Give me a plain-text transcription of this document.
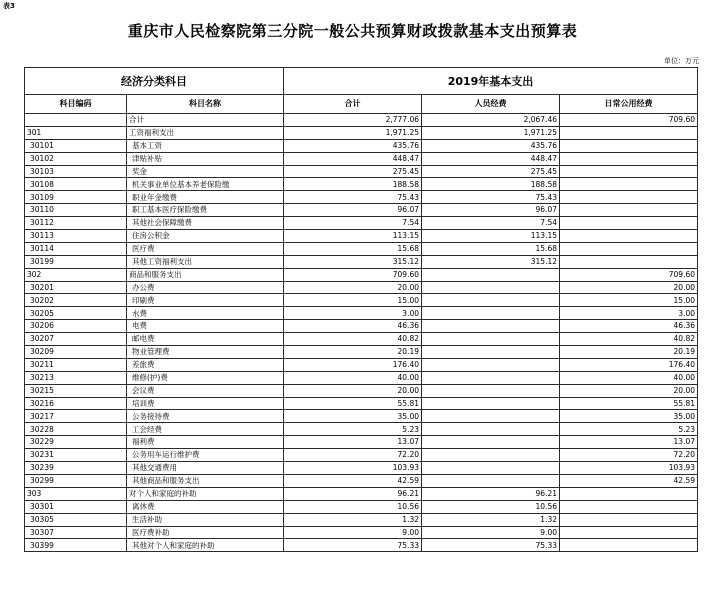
表3
重庆市人民检察院第三分院一般公共预算财政拨款基本支出预算表
单位：万元
经济分类科目		2019年基本支出		
科目编码	科目名称	合计	人员经费	日常公用经费
	合计	2,777.06	2,067.46	709.60
301	工资福利支出	1,971.25	1,971.25	
30101	基本工资	435.76	435.76	
30102	津贴补贴	448.47	448.47	
30103	奖金	275.45	275.45	
30108	机关事业单位基本养老保险缴	188.58	188.58	
30109	职业年金缴费	75.43	75.43	
30110	职工基本医疗保险缴费	96.07	96.07	
30112	其他社会保障缴费	7.54	7.54	
30113	住房公积金	113.15	113.15	
30114	医疗费	15.68	15.68	
30199	其他工资福利支出	315.12	315.12	
302	商品和服务支出	709.60		709.60
30201	办公费	20.00		20.00
30202	印刷费	15.00		15.00
30205	水费	3.00		3.00
30206	电费	46.36		46.36
30207	邮电费	40.82		40.82
30209	物业管理费	20.19		20.19
30211	差旅费	176.40		176.40
30213	维修(护)费	40.00		40.00
30215	会议费	20.00		20.00
30216	培训费	55.81		55.81
30217	公务接待费	35.00		35.00
30228	工会经费	5.23		5.23
30229	福利费	13.07		13.07
30231	公务用车运行维护费	72.20		72.20
30239	其他交通费用	103.93		103.93
30299	其他商品和服务支出	42.59		42.59
303	对个人和家庭的补助	96.21	96.21	
30301	离休费	10.56	10.56	
30305	生活补助	1.32	1.32	
30307	医疗费补助	9.00	9.00	
30399	其他对个人和家庭的补助	75.33	75.33	
